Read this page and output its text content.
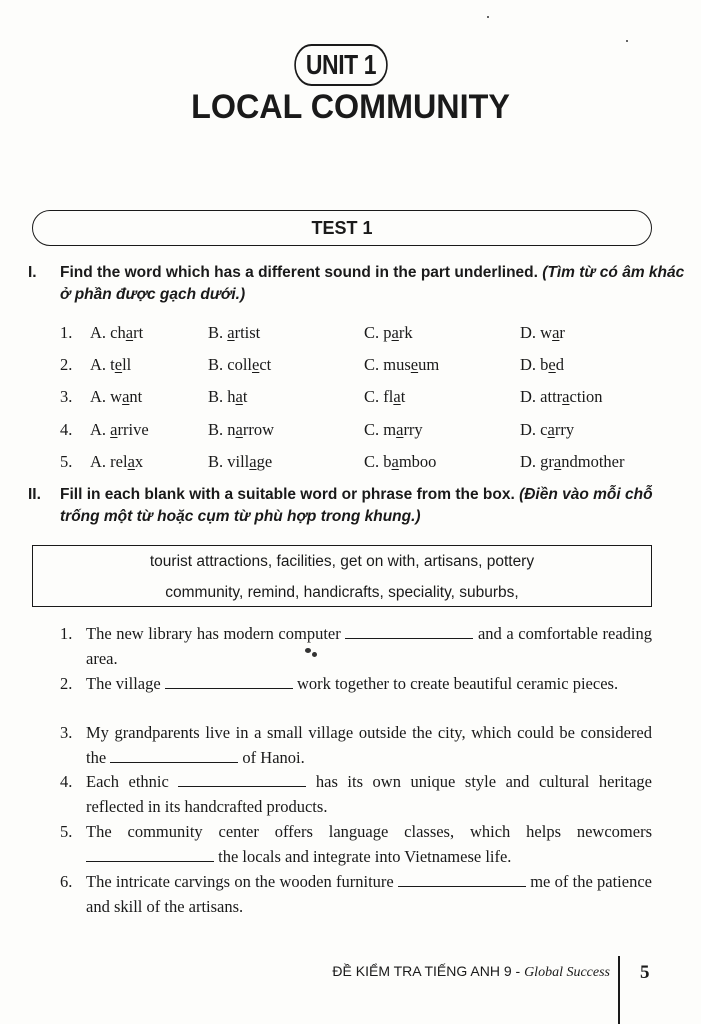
UNIT 1
LOCAL COMMUNITY
TEST 1
I. Find the word which has a different sound in the part underlined. (Tìm từ có âm khác ở phần được gạch dưới.)
1. A. chart	B. artist	C. park	D. war
2. A. tell	B. collect	C. museum	D. bed
3. A. want	B. hat	C. flat	D. attraction
4. A. arrive	B. narrow	C. marry	D. carry
5. A. relax	B. village	C. bamboo	D. grandmother
II. Fill in each blank with a suitable word or phrase from the box. (Điền vào mỗi chỗ trống một từ hoặc cụm từ phù hợp trong khung.)
tourist attractions, facilities, get on with, artisans, pottery
community, remind, handicrafts, speciality, suburbs,
1. The new library has modern computer	and a comfortable reading area.
2. The village	work together to create beautiful ceramic pieces.
3. My grandparents live in a small village outside the city, which could be considered the	of Hanoi.
4. Each ethnic	has its own unique style and cultural heritage reflected in its handcrafted products.
5. The community center offers language classes, which helps newcomers  the locals and integrate into Vietnamese life.
6. The intricate carvings on the wooden furniture	me of the patience and skill of the artisans.
ĐỀ KIỂM TRA TIẾNG ANH 9 - Global Success 5
